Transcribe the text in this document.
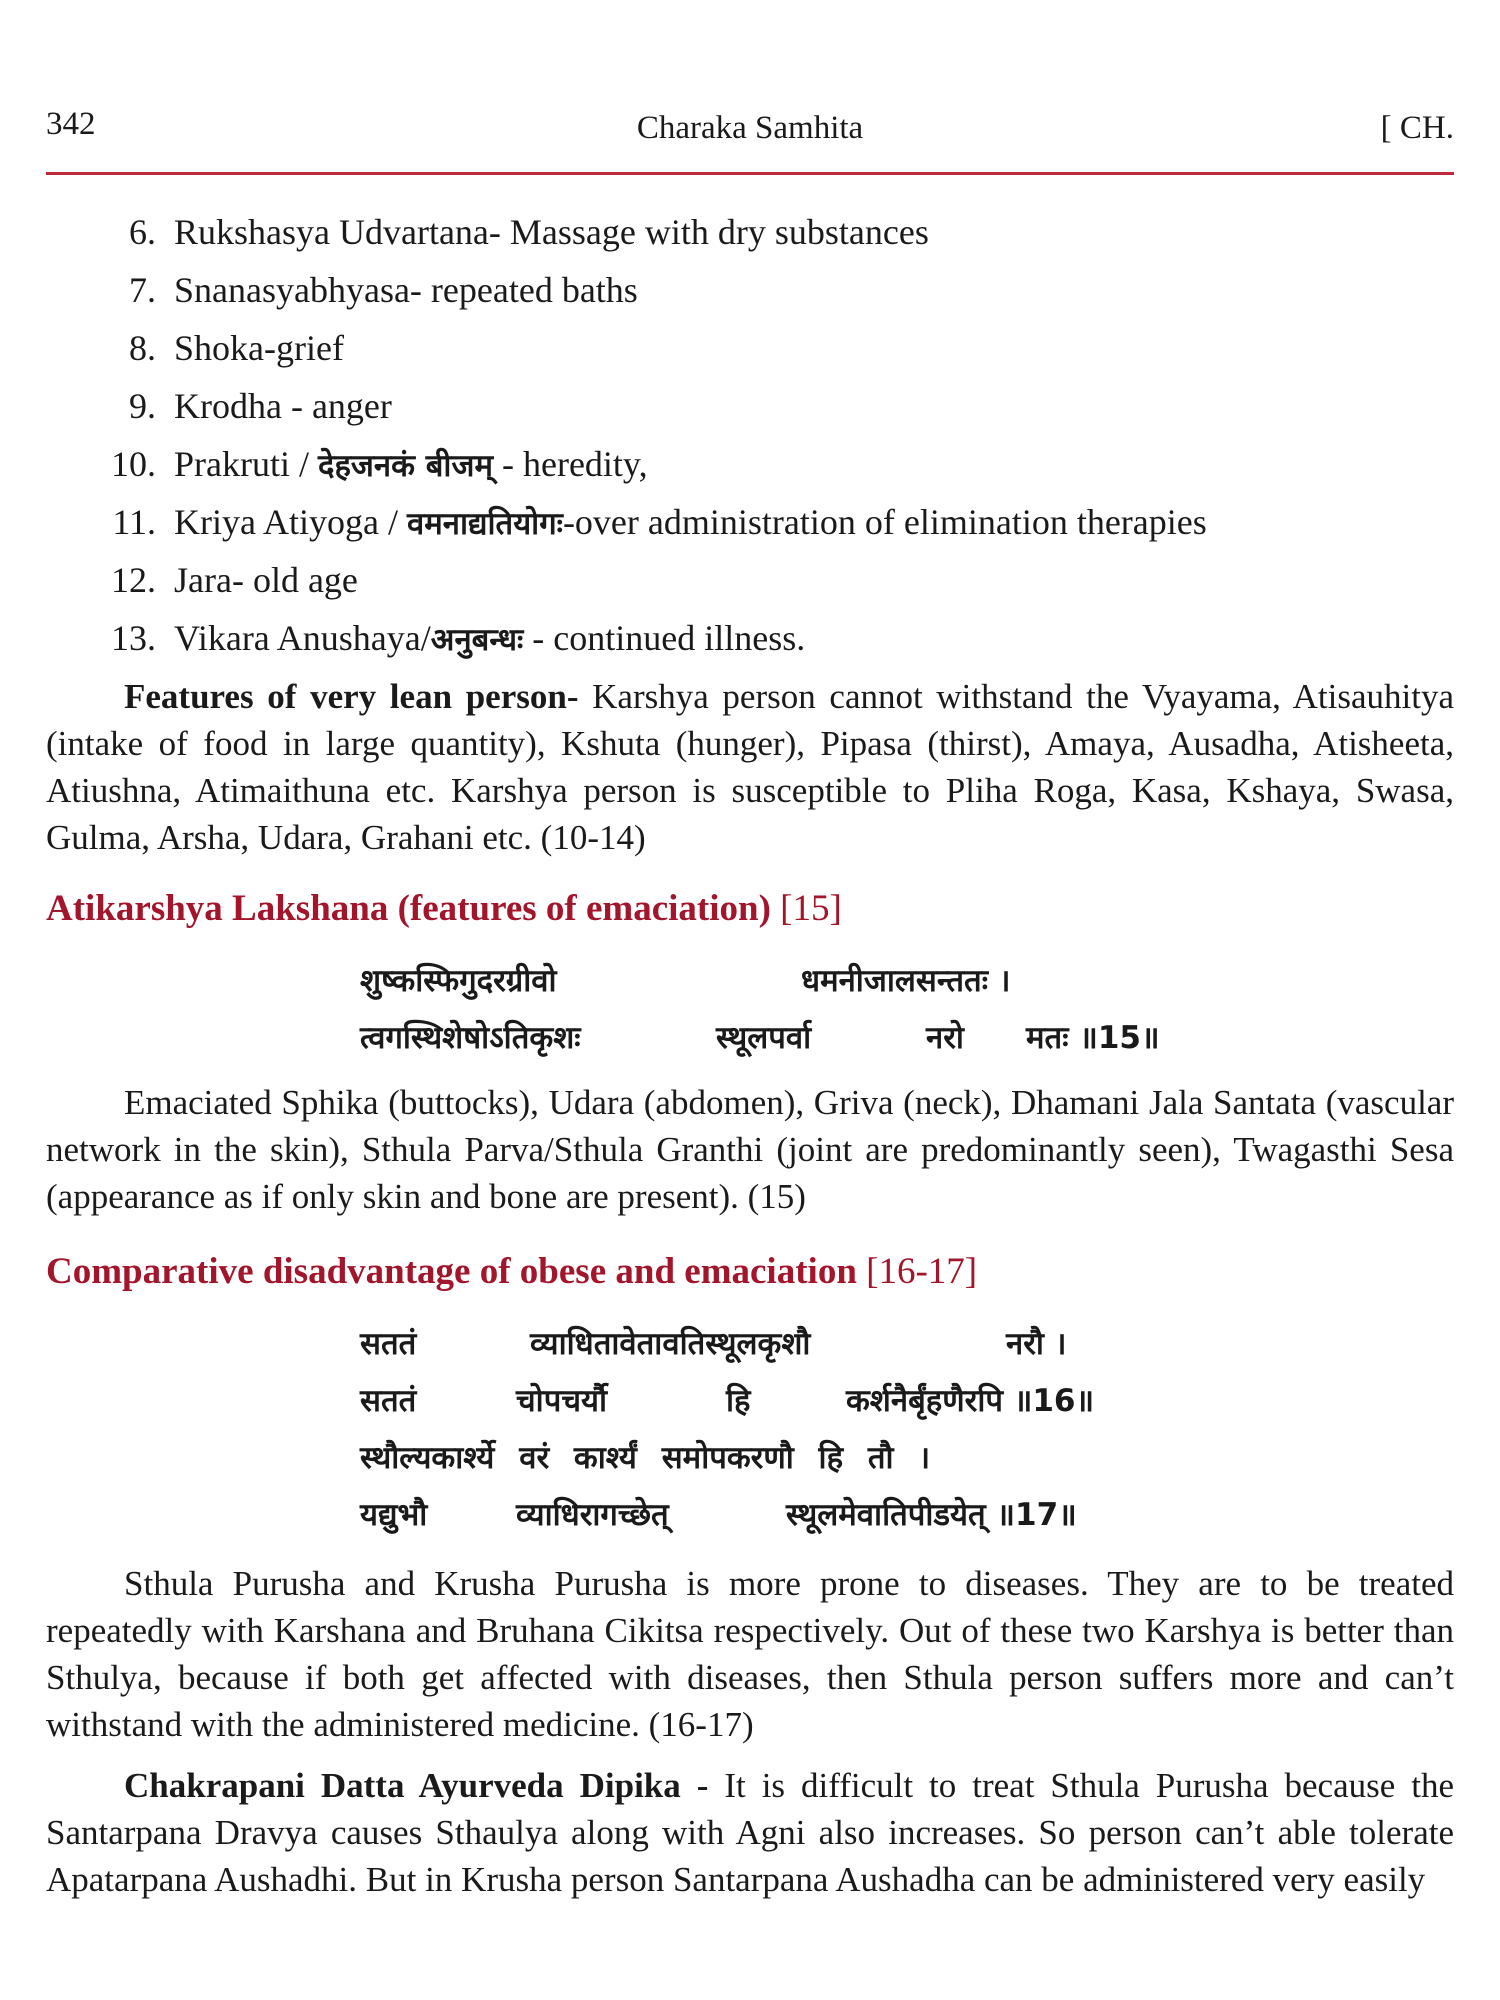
342	Charaka Samhita	[ CH.
6. Rukshasya Udvartana- Massage with dry substances
7. Snanasyabhyasa- repeated baths
8. Shoka-grief
9. Krodha - anger
10. Prakruti / देहजनकं बीजम् - heredity,
11. Kriya Atiyoga / वमनाद्यतियोगः-over administration of elimination therapies
12. Jara- old age
13. Vikara Anushaya/अनुबन्धः - continued illness.

Features of very lean person- Karshya person cannot withstand the Vyayama, Atisauhitya (intake of food in large quantity), Kshuta (hunger), Pipasa (thirst), Amaya, Ausadha, Atisheeta, Atiushna, Atimaithuna etc. Karshya person is susceptible to Pliha Roga, Kasa, Kshaya, Swasa, Gulma, Arsha, Udara, Grahani etc. (10-14)

Atikarshya Lakshana (features of emaciation) [15]
शुष्कस्फिगुदरग्रीवो	धमनीजालसन्ततः ।
त्वगस्थिशेषोऽतिकृशः	स्थूलपर्वा	नरो मतः ॥15॥

Emaciated Sphika (buttocks), Udara (abdomen), Griva (neck), Dhamani Jala Santata (vascular network in the skin), Sthula Parva/Sthula Granthi (joint are predominantly seen), Twagasthi Sesa (appearance as if only skin and bone are present). (15)

Comparative disadvantage of obese and emaciation [16-17]
सततं	व्याधितावेतावतिस्थूलकृशौ	नरौ ।
सततं	चोपचर्यौ	हि	कर्शनैर्बृंहणैरपि ॥16॥
स्थौल्यकार्श्ये वरं कार्श्यं समोपकरणौ हि तौ ।
यद्युभौ	व्याधिरागच्छेत्	स्थूलमेवातिपीडयेत् ॥17॥

Sthula Purusha and Krusha Purusha is more prone to diseases. They are to be treated repeatedly with Karshana and Bruhana Cikitsa respectively. Out of these two Karshya is better than Sthulya, because if both get affected with diseases, then Sthula person suffers more and can’t withstand with the administered medicine. (16-17)

Chakrapani Datta Ayurveda Dipika - It is difficult to treat Sthula Purusha because the Santarpana Dravya causes Sthaulya along with Agni also increases. So person can’t able tolerate Apatarpana Aushadhi. But in Krusha person Santarpana Aushadha can be administered very easily
